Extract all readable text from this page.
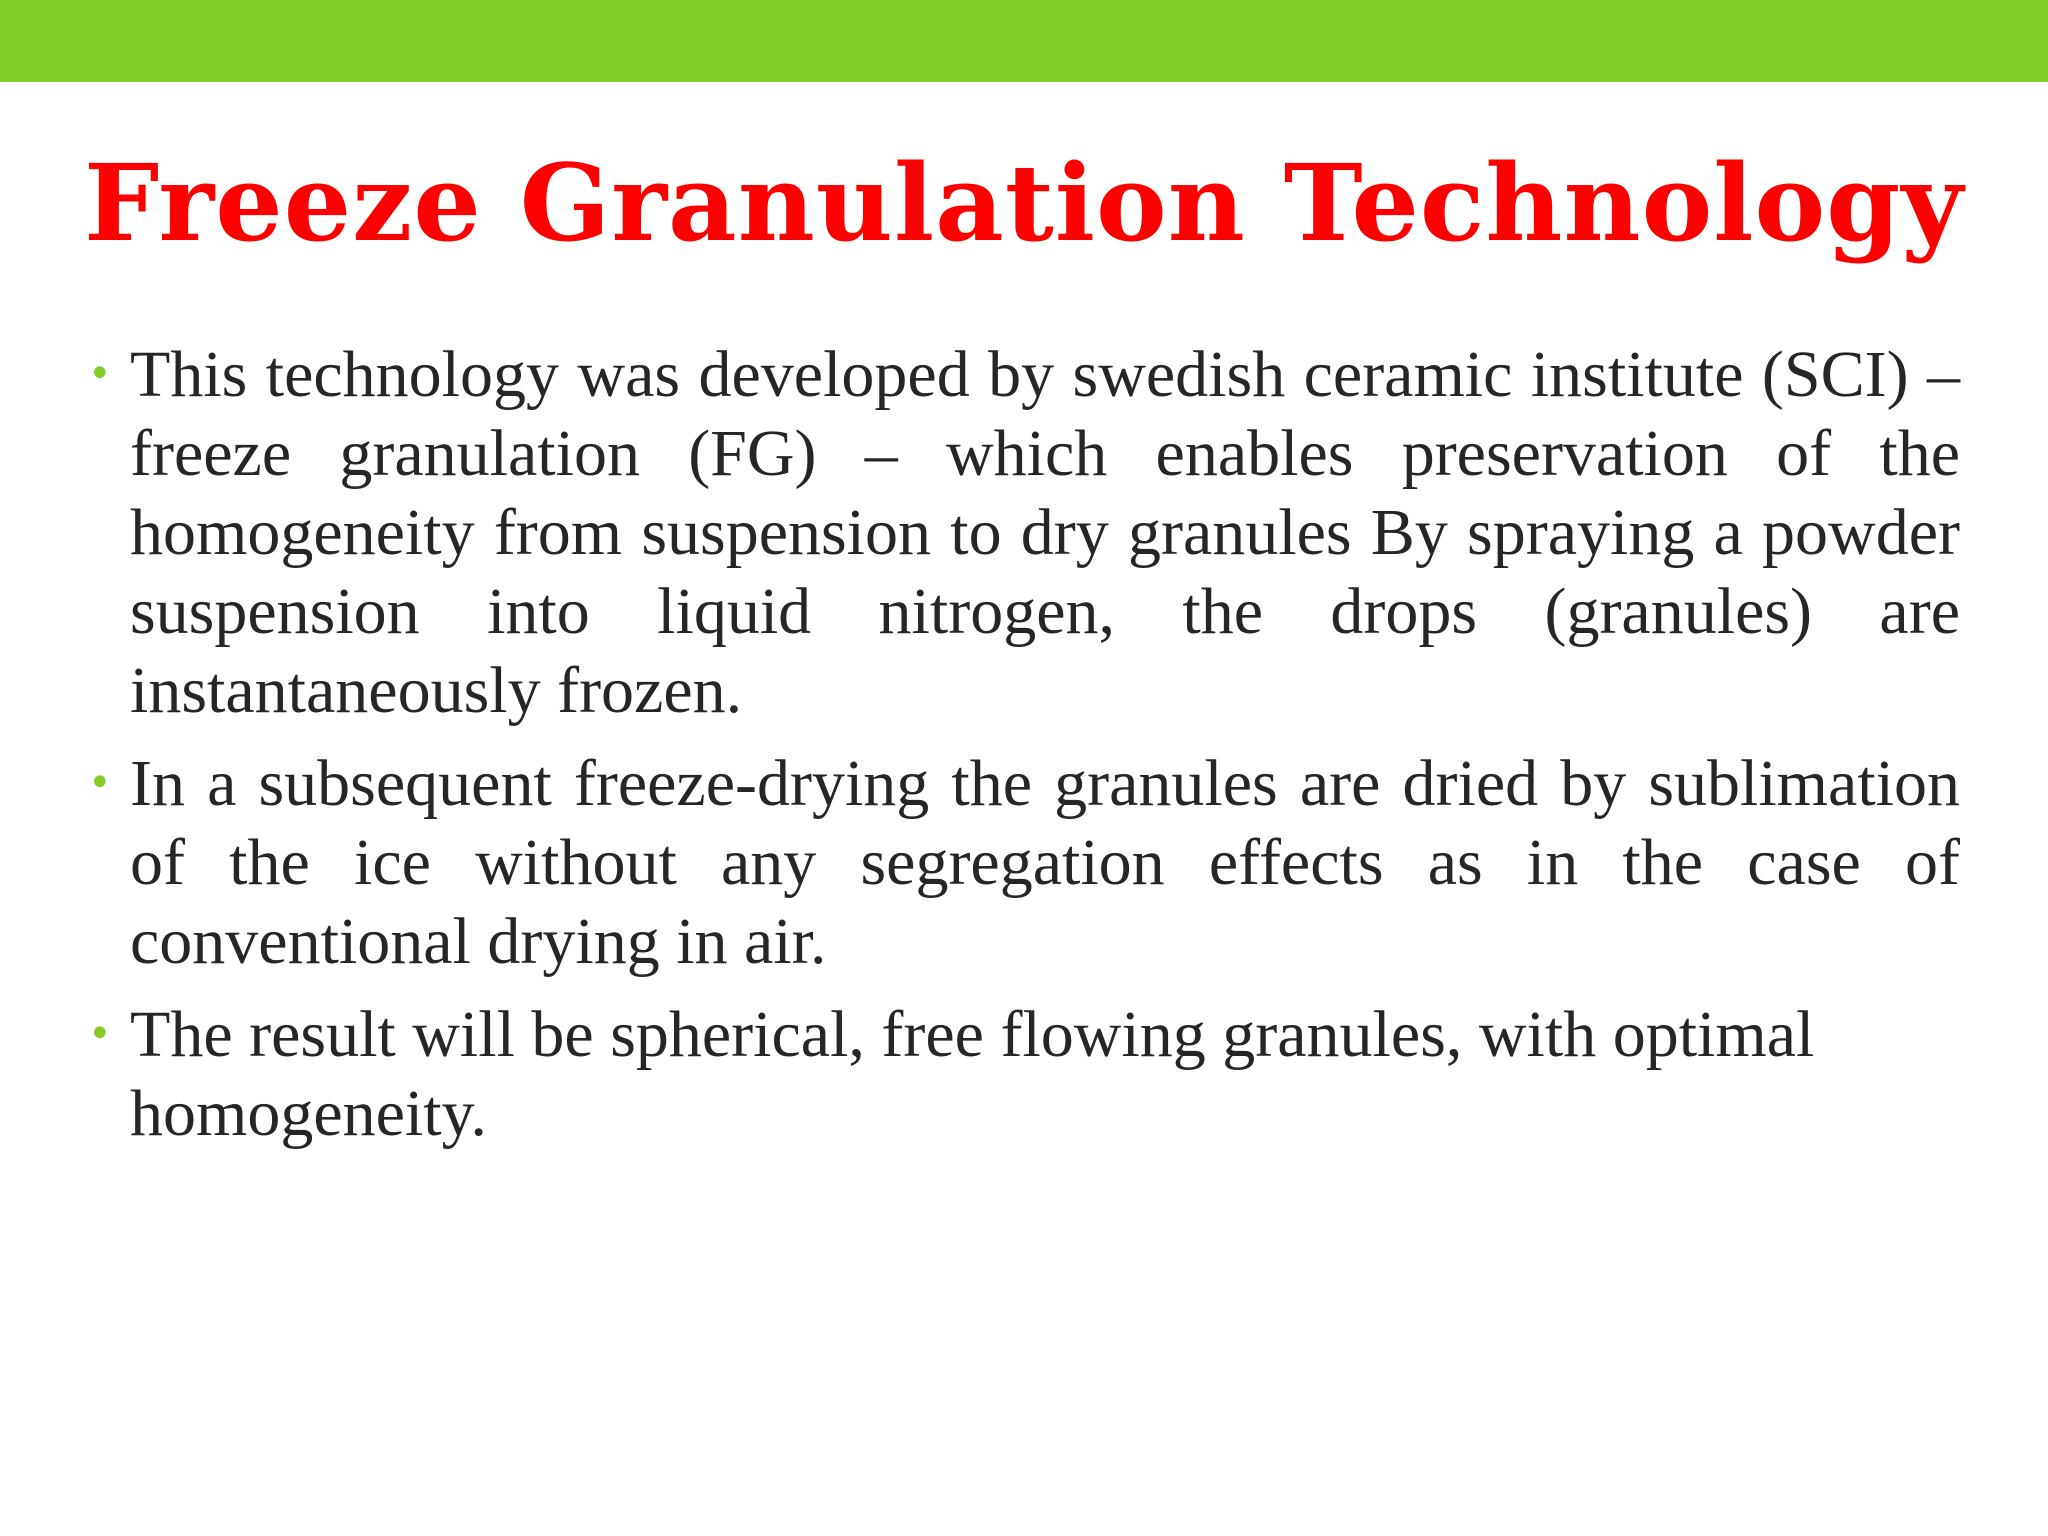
Freeze Granulation Technology
• This technology was developed by swedish ceramic institute (SCI) – freeze granulation (FG) – which enables preservation of the homogeneity from suspension to dry granules By spraying a powder suspension into liquid nitrogen, the drops (granules) are instantaneously frozen.
• In a subsequent freeze-drying the granules are dried by sublimation of the ice without any segregation effects as in the case of conventional drying in air.
• The result will be spherical, free flowing granules, with optimal homogeneity.
